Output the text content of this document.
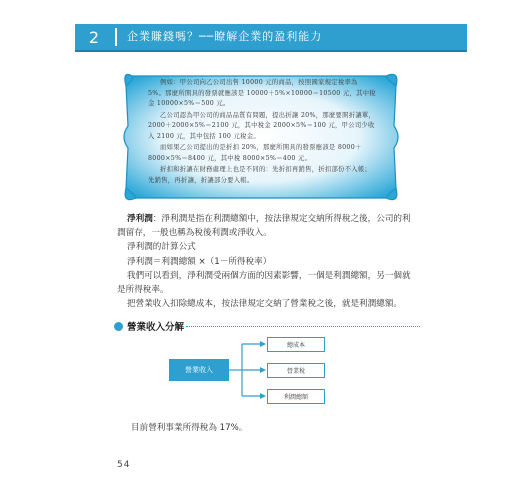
2	企業賺錢嗎？──瞭解企業的盈利能力

例如：甲公司向乙公司出售 10000 元的商品，按照國家規定稅率為 5%。那麼所開具的發票就應該是 10000＋5%×10000＝10500 元，其中稅金 10000×5%＝500 元。

乙公司認為甲公司的商品品質有問題，提出折讓 20%，那麼要開折讓單，2000＋2000×5%＝2100 元，其中稅金 2000×5%＝100 元，甲公司少收入 2100 元，其中包括 100 元稅金。

而如果乙公司提出的是折扣 20%，那麼所開具的發票應該是 8000＋8000×5%＝8400 元，其中稅 8000×5%＝400 元。

折扣和折讓在財務處理上也是不同的：先折扣再銷售，折扣部份不入帳；先銷售，再折讓，折讓部分要入帳。

淨利潤：淨利潤是指在利潤總額中，按法律規定交納所得稅之後，公司的利潤留存，一般也稱為稅後利潤或淨收入。

淨利潤的計算公式

淨利潤＝利潤總額 ×（1－所得稅率）

我們可以看到，淨利潤受兩個方面的因素影響，一個是利潤總額，另一個就是所得稅率。

把營業收入扣除總成本，按法律規定交納了營業稅之後，就是利潤總額。

營業收入分解
營業收入
總成本
營業稅
利潤總額
目前營利事業所得稅為 17%。
54
